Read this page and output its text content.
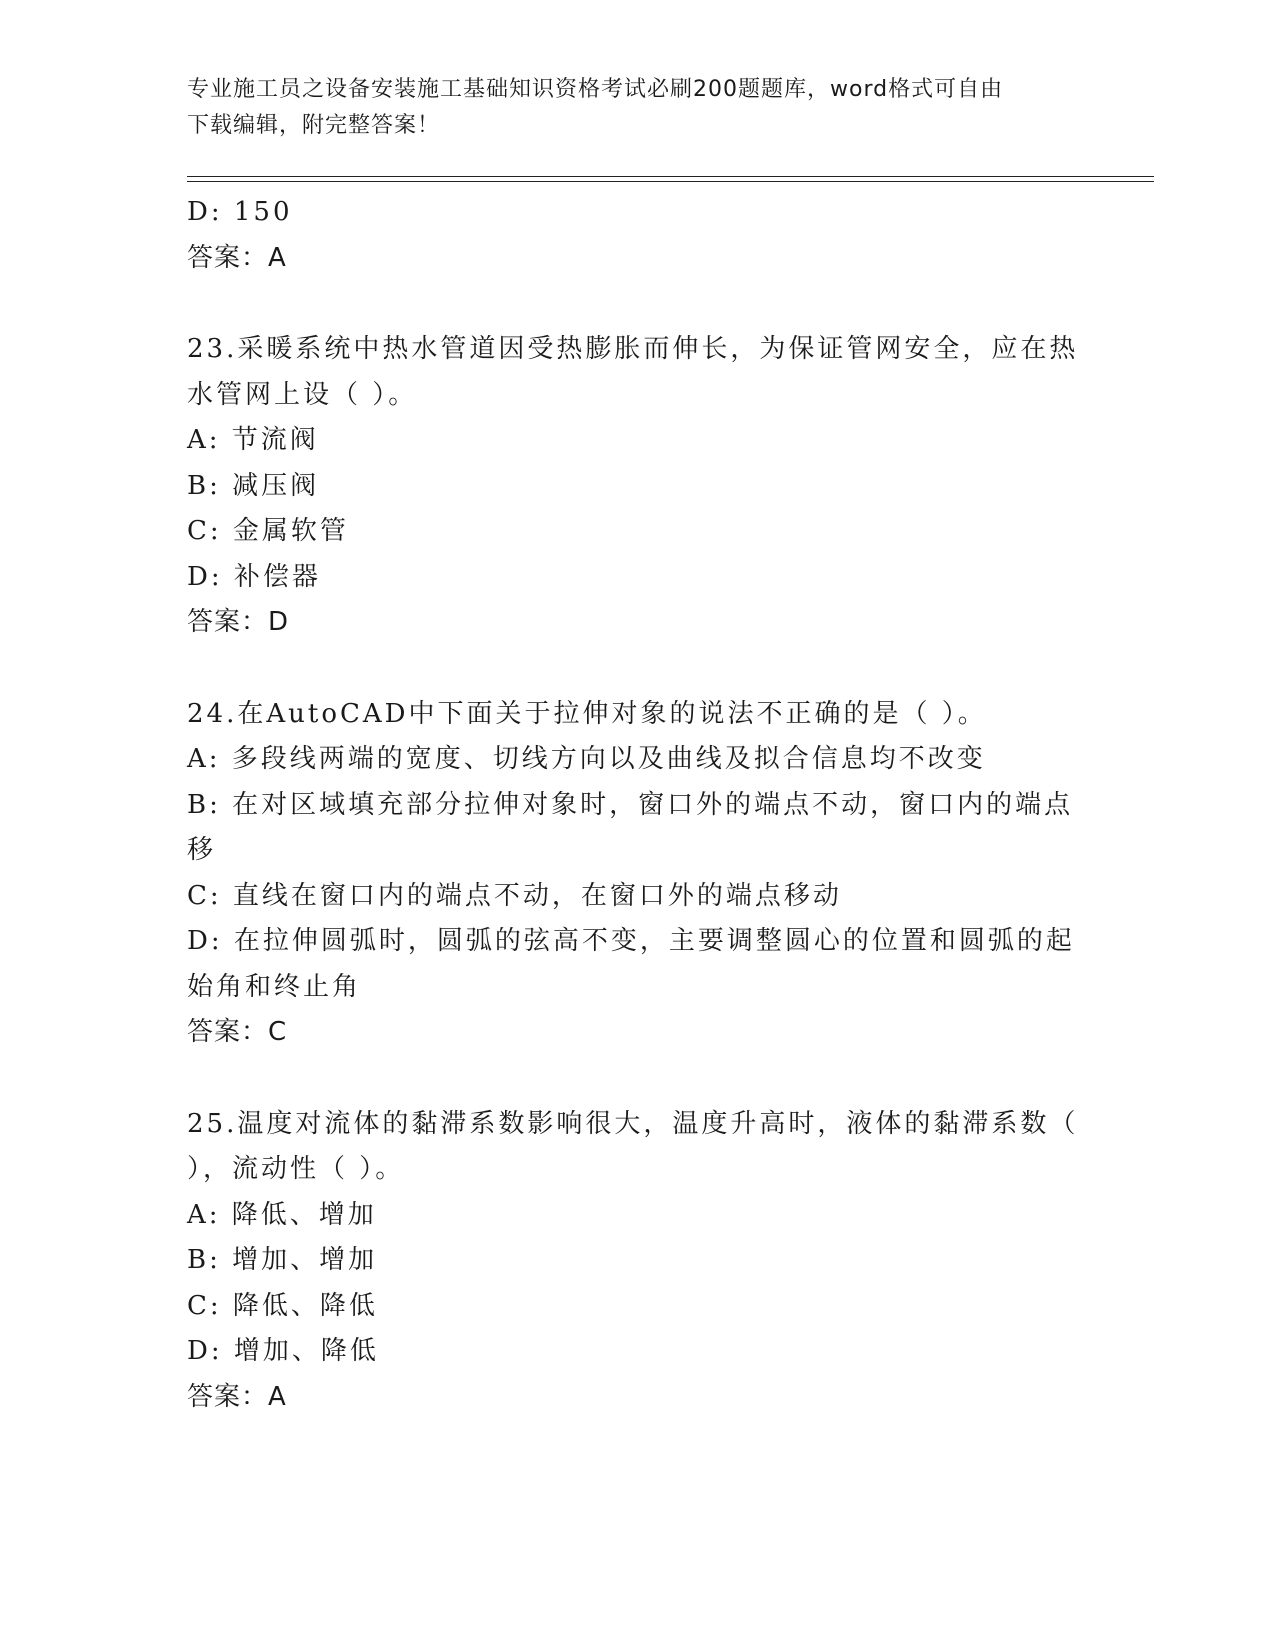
专业施工员之设备安装施工基础知识资格考试必刷200题题库，word格式可自由
下载编辑，附完整答案！
D: 150
答案：A
23.采暖系统中热水管道因受热膨胀而伸长，为保证管网安全，应在热
水管网上设（ ）。
A: 节流阀
B: 减压阀
C: 金属软管
D: 补偿器
答案：D
24.在AutoCAD中下面关于拉伸对象的说法不正确的是（ ）。
A: 多段线两端的宽度、切线方向以及曲线及拟合信息均不改变
B: 在对区域填充部分拉伸对象时，窗口外的端点不动，窗口内的端点
移
C: 直线在窗口内的端点不动，在窗口外的端点移动
D: 在拉伸圆弧时，圆弧的弦高不变，主要调整圆心的位置和圆弧的起
始角和终止角
答案：C
25.温度对流体的黏滞系数影响很大，温度升高时，液体的黏滞系数（
），流动性（ ）。
A: 降低、增加
B: 增加、增加
C: 降低、降低
D: 增加、降低
答案：A
